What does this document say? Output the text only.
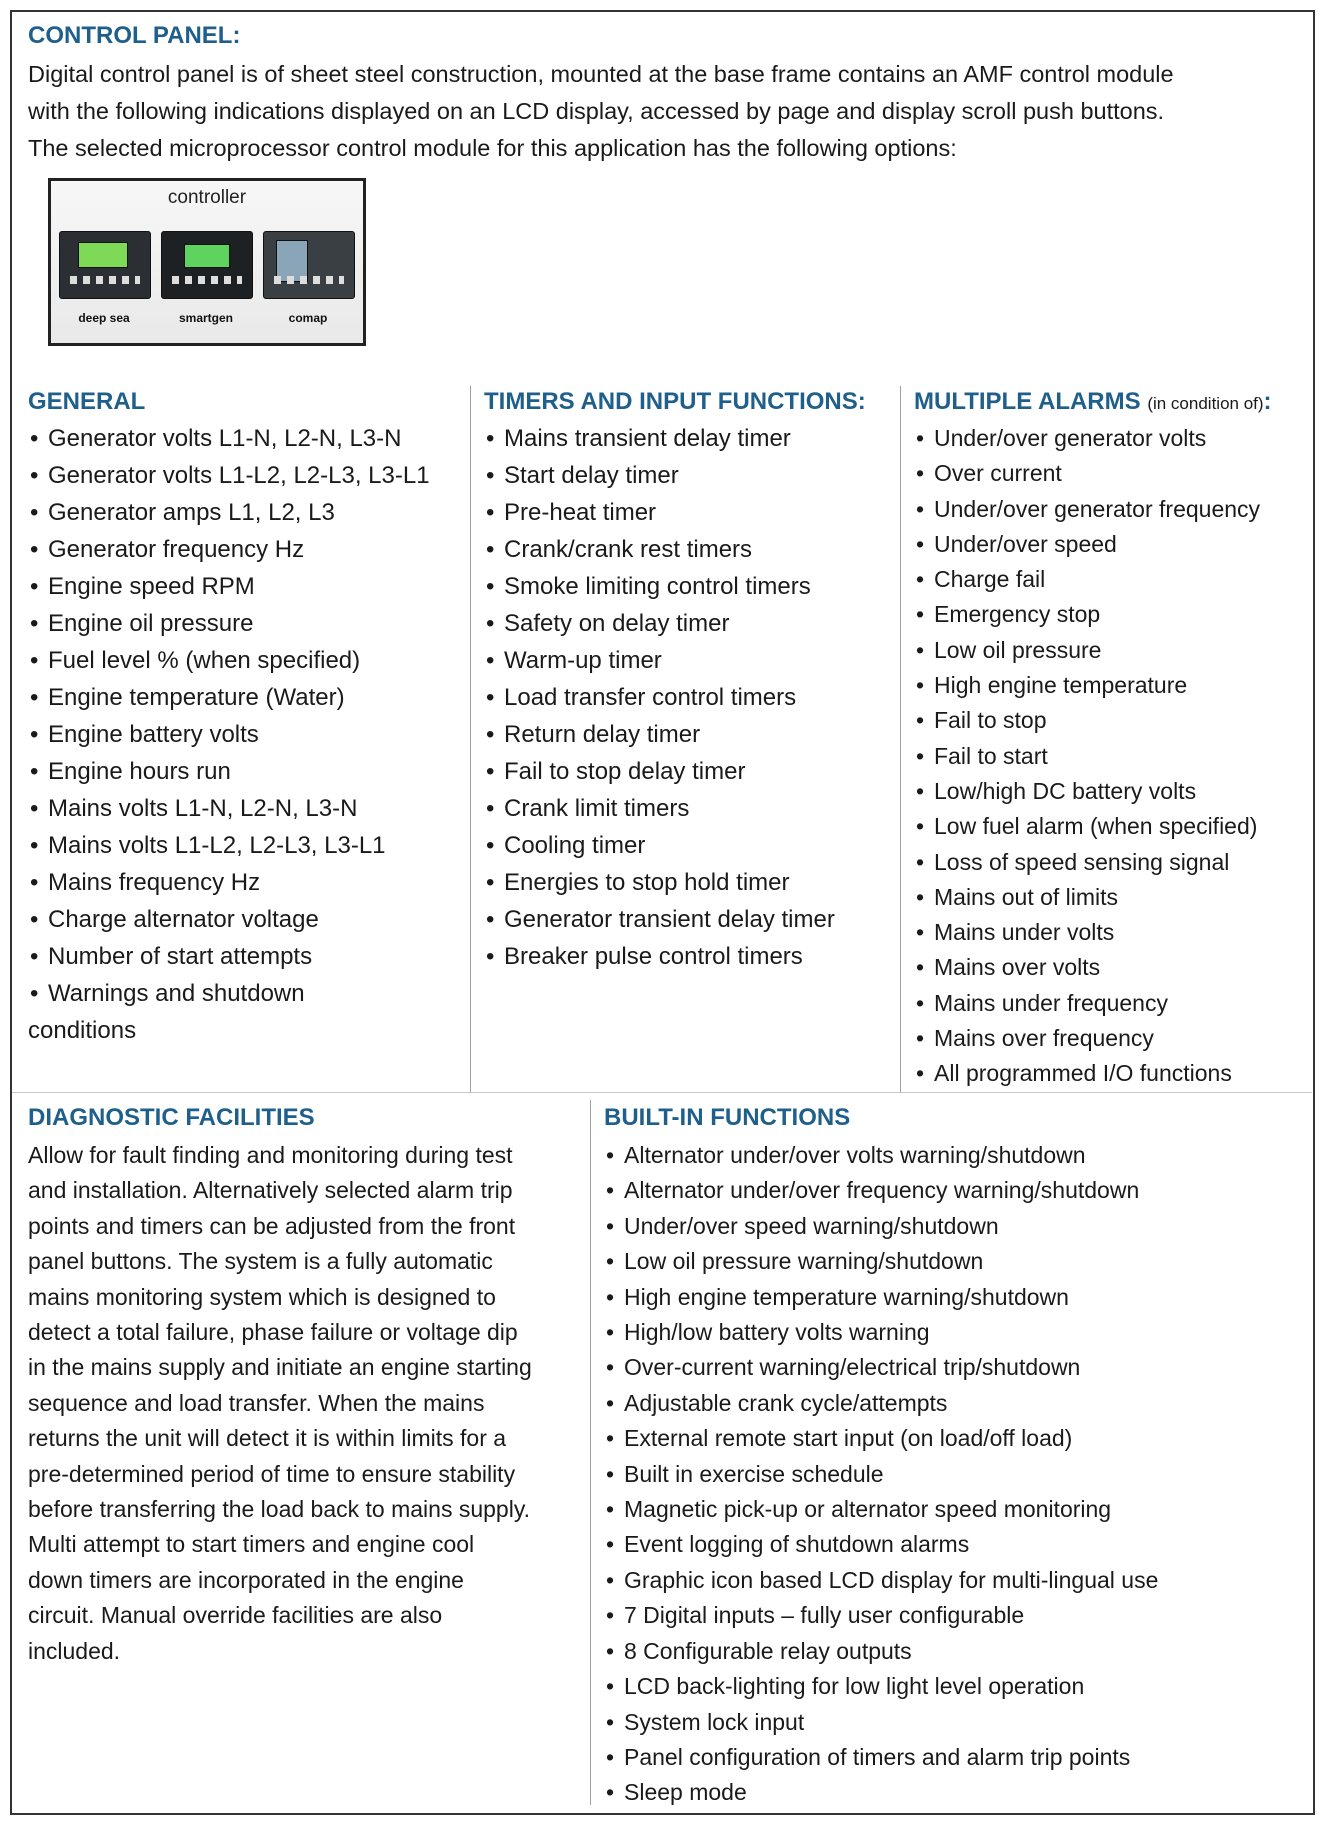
CONTROL PANEL:
Digital control panel is of sheet steel construction, mounted at the base frame contains an AMF control module
with the following indications displayed on an LCD display, accessed by page and display scroll push buttons.
The selected microprocessor control module for this application has the following options:
controller
deep sea	smartgen	comap
GENERAL
• Generator volts L1-N, L2-N, L3-N
• Generator volts L1-L2, L2-L3, L3-L1
• Generator amps L1, L2, L3
• Generator frequency Hz
• Engine speed RPM
• Engine oil pressure
• Fuel level % (when specified)
• Engine temperature (Water)
• Engine battery volts
• Engine hours run
• Mains volts L1-N, L2-N, L3-N
• Mains volts L1-L2, L2-L3, L3-L1
• Mains frequency Hz
• Charge alternator voltage
• Number of start attempts
• Warnings and shutdown
conditions
TIMERS AND INPUT FUNCTIONS:
• Mains transient delay timer
• Start delay timer
• Pre-heat timer
• Crank/crank rest timers
• Smoke limiting control timers
• Safety on delay timer
• Warm-up timer
• Load transfer control timers
• Return delay timer
• Fail to stop delay timer
• Crank limit timers
• Cooling timer
• Energies to stop hold timer
• Generator transient delay timer
• Breaker pulse control timers
MULTIPLE ALARMS (in condition of):
• Under/over generator volts
• Over current
• Under/over generator frequency
• Under/over speed
• Charge fail
• Emergency stop
• Low oil pressure
• High engine temperature
• Fail to stop
• Fail to start
• Low/high DC battery volts
• Low fuel alarm (when specified)
• Loss of speed sensing signal
• Mains out of limits
• Mains under volts
• Mains over volts
• Mains under frequency
• Mains over frequency
• All programmed I/O functions
DIAGNOSTIC FACILITIES
Allow for fault finding and monitoring during test
and installation. Alternatively selected alarm trip
points and timers can be adjusted from the front
panel buttons. The system is a fully automatic
mains monitoring system which is designed to
detect a total failure, phase failure or voltage dip
in the mains supply and initiate an engine starting
sequence and load transfer. When the mains
returns the unit will detect it is within limits for a
pre-determined period of time to ensure stability
before transferring the load back to mains supply.
Multi attempt to start timers and engine cool
down timers are incorporated in the engine
circuit. Manual override facilities are also
included.
BUILT-IN FUNCTIONS
• Alternator under/over volts warning/shutdown
• Alternator under/over frequency warning/shutdown
• Under/over speed warning/shutdown
• Low oil pressure warning/shutdown
• High engine temperature warning/shutdown
• High/low battery volts warning
• Over-current warning/electrical trip/shutdown
• Adjustable crank cycle/attempts
• External remote start input (on load/off load)
• Built in exercise schedule
• Magnetic pick-up or alternator speed monitoring
• Event logging of shutdown alarms
• Graphic icon based LCD display for multi-lingual use
• 7 Digital inputs – fully user configurable
• 8 Configurable relay outputs
• LCD back-lighting for low light level operation
• System lock input
• Panel configuration of timers and alarm trip points
• Sleep mode
